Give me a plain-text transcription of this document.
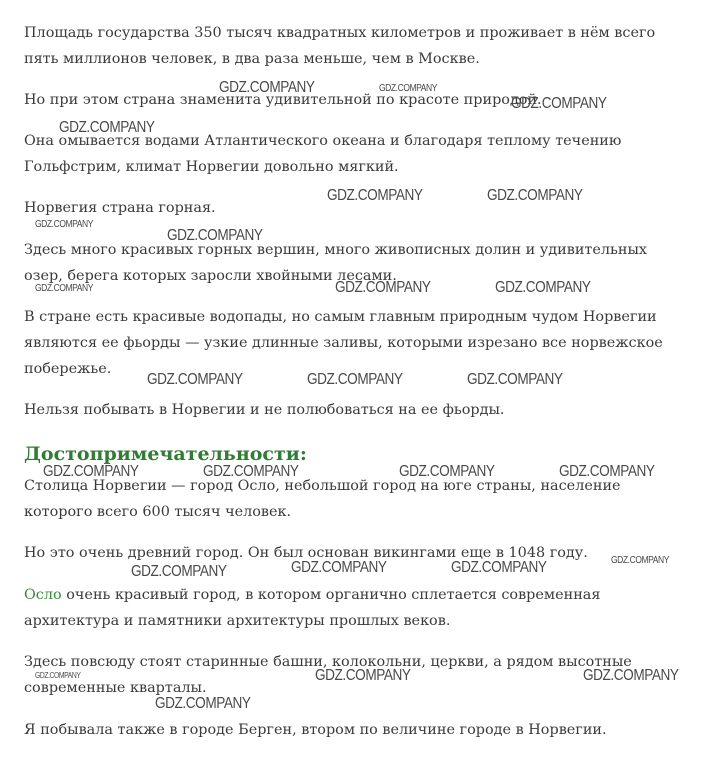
Площадь государства 350 тысяч квадратных километров и проживает в нём всего пять миллионов человек, в два раза меньше, чем в Москве.

Но при этом страна знаменита удивительной по красоте природой.

Она омывается водами Атлантического океана и благодаря теплому течению Гольфстрим, климат Норвегии довольно мягкий.

Норвегия страна горная.

Здесь много красивых горных вершин, много живописных долин и удивительных озер, берега которых заросли хвойными лесами.

В стране есть красивые водопады, но самым главным природным чудом Норвегии являются ее фьорды — узкие длинные заливы, которыми изрезано все норвежское побережье.

Нельзя побывать в Норвегии и не полюбоваться на ее фьорды.

Достопримечательности:

Столица Норвегии — город Осло, небольшой город на юге страны, население которого всего 600 тысяч человек.

Но это очень древний город. Он был основан викингами еще в 1048 году.

Осло очень красивый город, в котором органично сплетается современная архитектура и памятники архитектуры прошлых веков.

Здесь повсюду стоят старинные башни, колокольни, церкви, а рядом высотные современные кварталы.

Я побывала также в городе Берген, втором по величине городе в Норвегии.

GDZ.COMPANY	GDZ.COMPANY
GDZ.COMPANY
GDZ.COMPANY
GDZ.COMPANY	GDZ.COMPANY
GDZ.COMPANY
GDZ.COMPANY
GDZ.COMPANY	GDZ.COMPANY	GDZ.COMPANY
GDZ.COMPANY	GDZ.COMPANY	GDZ.COMPANY
GDZ.COMPANY	GDZ.COMPANY	GDZ.COMPANY	GDZ.COMPANY
GDZ.COMPANY
GDZ.COMPANY	GDZ.COMPANY	GDZ.COMPANY
GDZ.COMPANY	GDZ.COMPANY	GDZ.COMPANY
GDZ.COMPANY
